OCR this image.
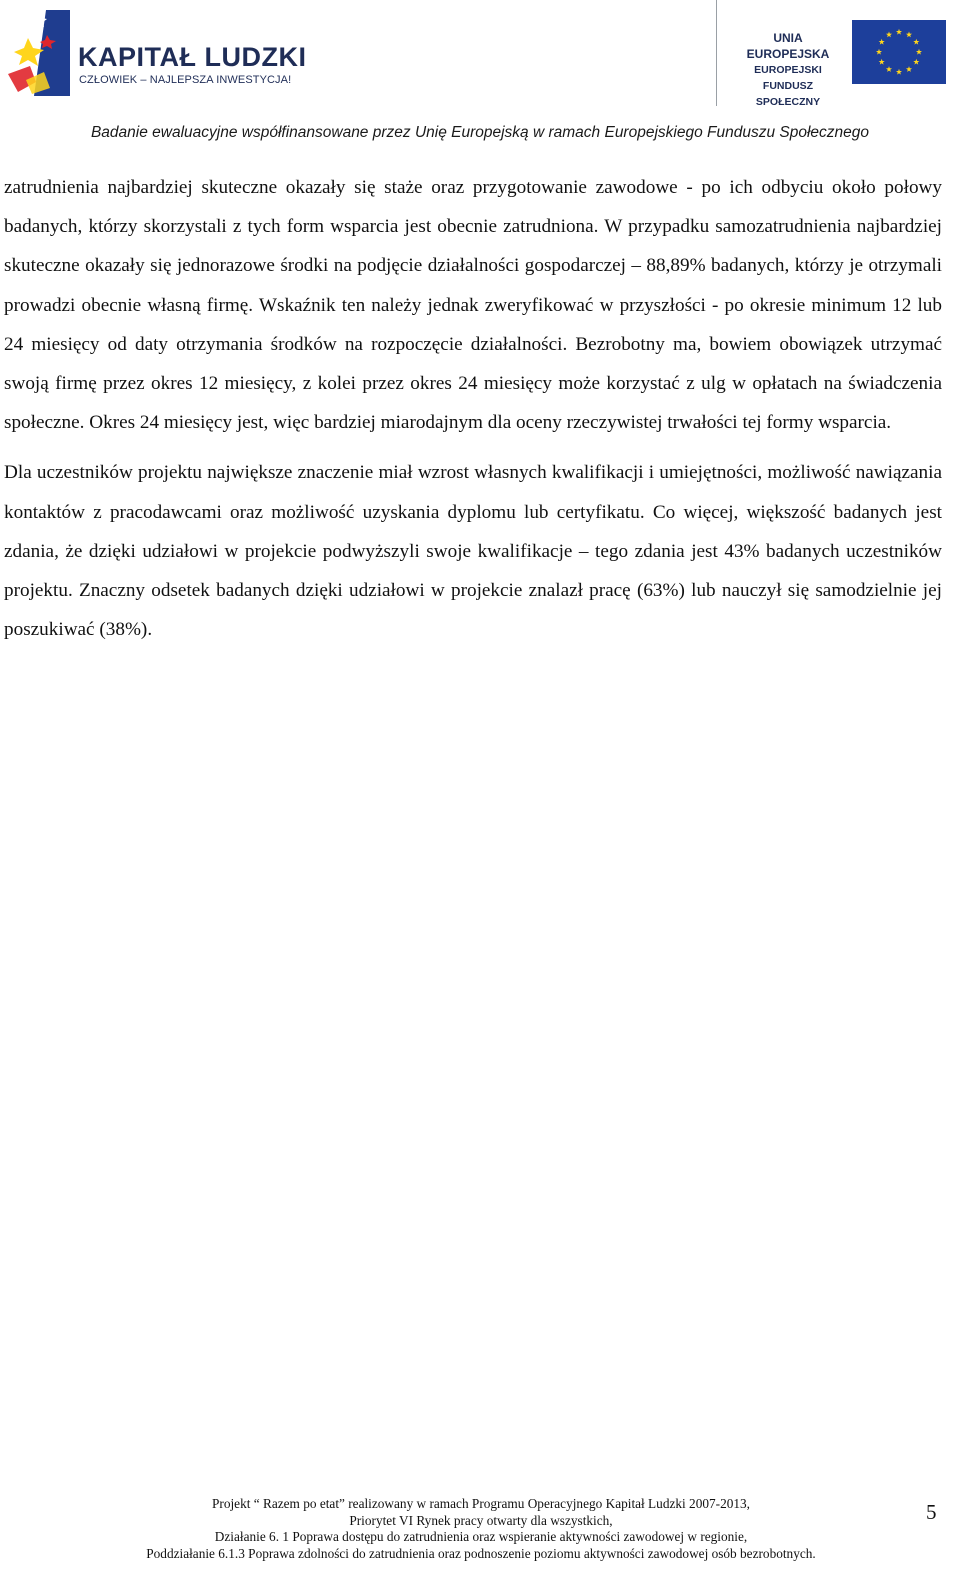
KAPITAŁ LUDZKI
CZŁOWIEK – NAJLEPSZA INWESTYCJA!
UNIA EUROPEJSKA
EUROPEJSKI
FUNDUSZ SPOŁECZNY
Badanie ewaluacyjne współfinansowane przez Unię Europejską w ramach Europejskiego Funduszu Społecznego

zatrudnienia najbardziej skuteczne okazały się staże oraz przygotowanie zawodowe - po ich odbyciu około połowy badanych, którzy skorzystali z tych form wsparcia jest obecnie zatrudniona. W przypadku samozatrudnienia najbardziej skuteczne okazały się jednorazowe środki na podjęcie działalności gospodarczej – 88,89% badanych, którzy je otrzymali prowadzi obecnie własną firmę. Wskaźnik ten należy jednak zweryfikować w przyszłości - po okresie minimum 12 lub 24 miesięcy od daty otrzymania środków na rozpoczęcie działalności. Bezrobotny ma, bowiem obowiązek utrzymać swoją firmę przez okres 12 miesięcy, z kolei przez okres 24 miesięcy może korzystać z ulg w opłatach na świadczenia społeczne. Okres 24 miesięcy jest, więc bardziej miarodajnym dla oceny rzeczywistej trwałości tej formy wsparcia.

Dla uczestników projektu największe znaczenie miał wzrost własnych kwalifikacji i umiejętności, możliwość nawiązania kontaktów z pracodawcami oraz możliwość uzyskania dyplomu lub certyfikatu. Co więcej, większość badanych jest zdania, że dzięki udziałowi w projekcie podwyższyli swoje kwalifikacje – tego zdania jest 43% badanych uczestników projektu. Znaczny odsetek badanych dzięki udziałowi w projekcie znalazł pracę (63%) lub nauczył się samodzielnie jej poszukiwać (38%).

Projekt “ Razem po etat” realizowany w ramach Programu Operacyjnego Kapitał Ludzki 2007-2013,
Priorytet VI Rynek pracy otwarty dla wszystkich,
Działanie 6. 1 Poprawa dostępu do zatrudnienia oraz wspieranie aktywności zawodowej w regionie,
Poddziałanie 6.1.3 Poprawa zdolności do zatrudnienia oraz podnoszenie poziomu aktywności zawodowej osób bezrobotnych.
5
